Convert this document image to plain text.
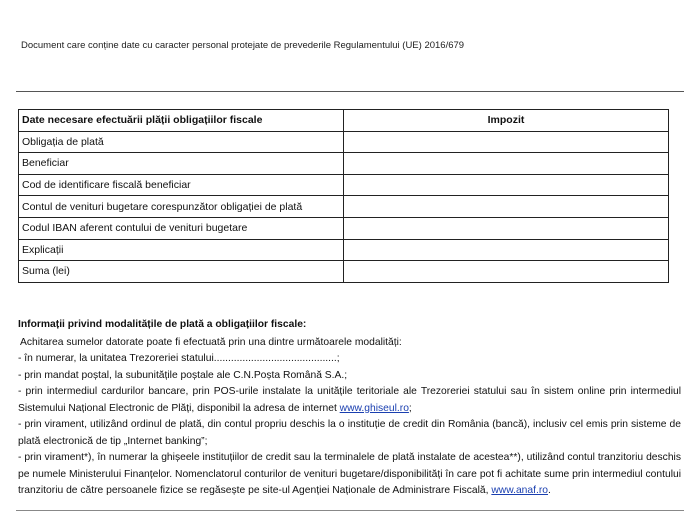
Document care conține date cu caracter personal protejate de prevederile Regulamentului (UE) 2016/679
Date necesare efectuării plății obligațiilor fiscale	Impozit
Obligația de plată	
Beneficiar	
Cod de identificare fiscală beneficiar	
Contul de venituri bugetare corespunzător obligației de plată	
Codul IBAN aferent contului de venituri bugetare	
Explicații	
Suma (lei)	
Informații privind modalitățile de plată a obligațiilor fiscale:

Achitarea sumelor datorate poate fi efectuată prin una dintre următoarele modalități:

- în numerar, la unitatea Trezoreriei statului...........................................;

- prin mandat poștal, la subunitățile poștale ale C.N.Poșta Română S.A.;

- prin intermediul cardurilor bancare, prin POS-urile instalate la unitățile teritoriale ale Trezoreriei statului sau în sistem online prin intermediul Sistemului Național Electronic de Plăți, disponibil la adresa de internet www.ghiseul.ro;

- prin virament, utilizând ordinul de plată, din contul propriu deschis la o instituție de credit din România (bancă), inclusiv cel emis prin sisteme de plată electronică de tip „Internet banking”;

- prin virament*), în numerar la ghișeele instituțiilor de credit sau la terminalele de plată instalate de acestea**), utilizând contul tranzitoriu deschis pe numele Ministerului Finanțelor. Nomenclatorul conturilor de venituri bugetare/disponibilități în care pot fi achitate sume prin intermediul contului tranzitoriu de către persoanele fizice se regăsește pe site-ul Agenției Naționale de Administrare Fiscală, www.anaf.ro.
